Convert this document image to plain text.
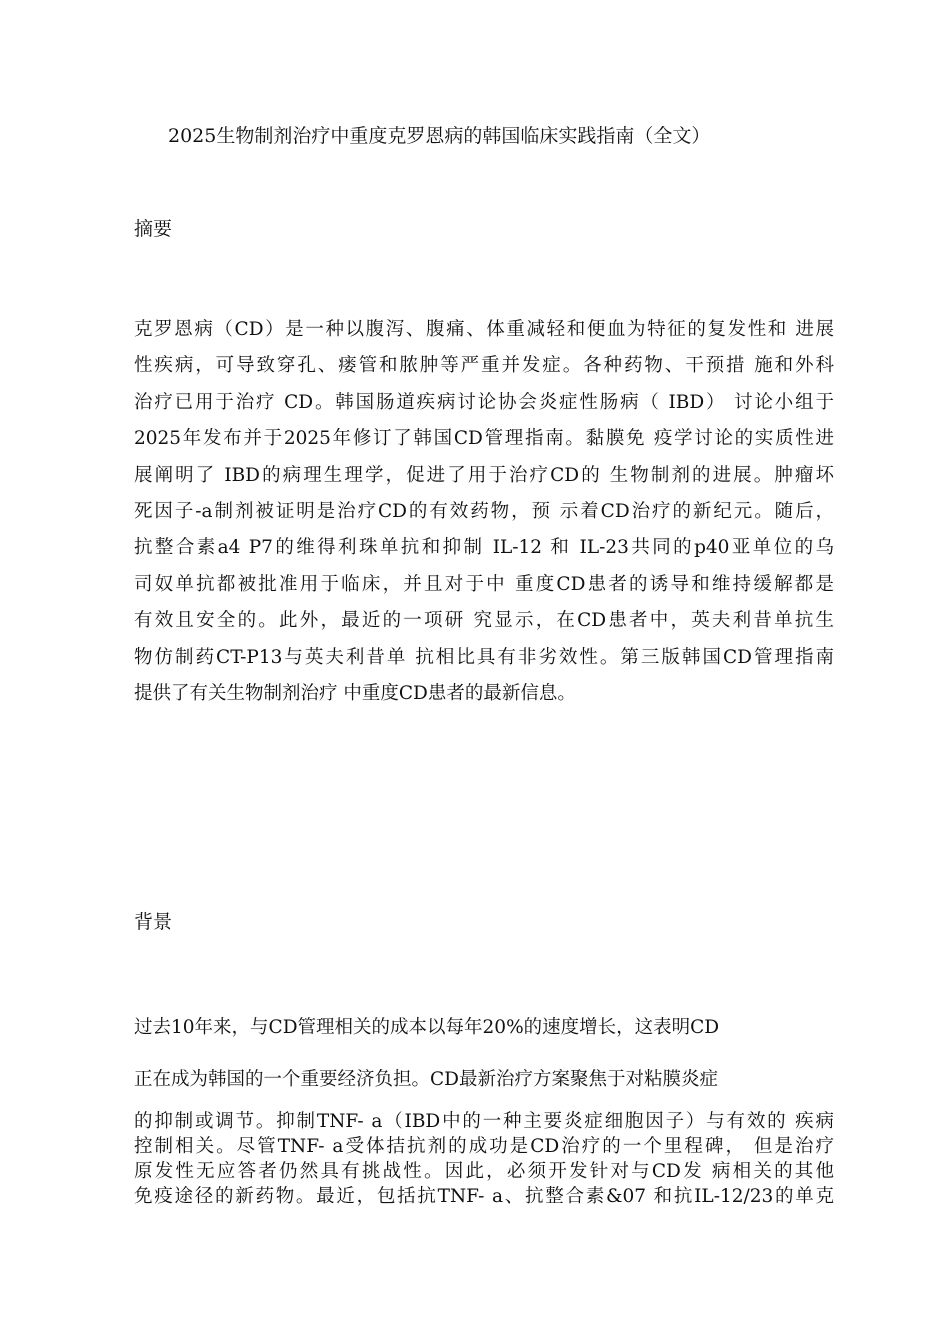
2025生物制剂治疗中重度克罗恩病的韩国临床实践指南（全文）
摘要
克罗恩病（CD）是一种以腹泻、腹痛、体重减轻和便血为特征的复发性和 进展
性疾病，可导致穿孔、瘘管和脓肿等严重并发症。各种药物、干预措 施和外科
治疗已用于治疗 CD。韩国肠道疾病讨论协会炎症性肠病（ IBD） 讨论小组于
2025年发布并于2025年修订了韩国CD管理指南。黏膜免 疫学讨论的实质性进
展阐明了 IBD的病理生理学，促进了用于治疗CD的 生物制剂的进展。肿瘤坏
死因子-a制剂被证明是治疗CD的有效药物，预 示着CD治疗的新纪元。随后，
抗整合素a4 P7的维得利珠单抗和抑制 IL-12 和 IL-23共同的p40亚单位的乌
司奴单抗都被批准用于临床，并且对于中 重度CD患者的诱导和维持缓解都是
有效且安全的。此外，最近的一项研 究显示，在CD患者中，英夫利昔单抗生
物仿制药CT-P13与英夫利昔单 抗相比具有非劣效性。第三版韩国CD管理指南
提供了有关生物制剂治疗 中重度CD患者的最新信息。
背景
过去10年来，与CD管理相关的成本以每年20%的速度增长，这表明CD
正在成为韩国的一个重要经济负担。CD最新治疗方案聚焦于对粘膜炎症
的抑制或调节。抑制TNF- a（IBD中的一种主要炎症细胞因子）与有效的 疾病
控制相关。尽管TNF- a受体拮抗剂的成功是CD治疗的一个里程碑， 但是治疗
原发性无应答者仍然具有挑战性。因此，必须开发针对与CD发 病相关的其他
免疫途径的新药物。最近，包括抗TNF- a、抗整合素&07 和抗IL-12/23的单克
